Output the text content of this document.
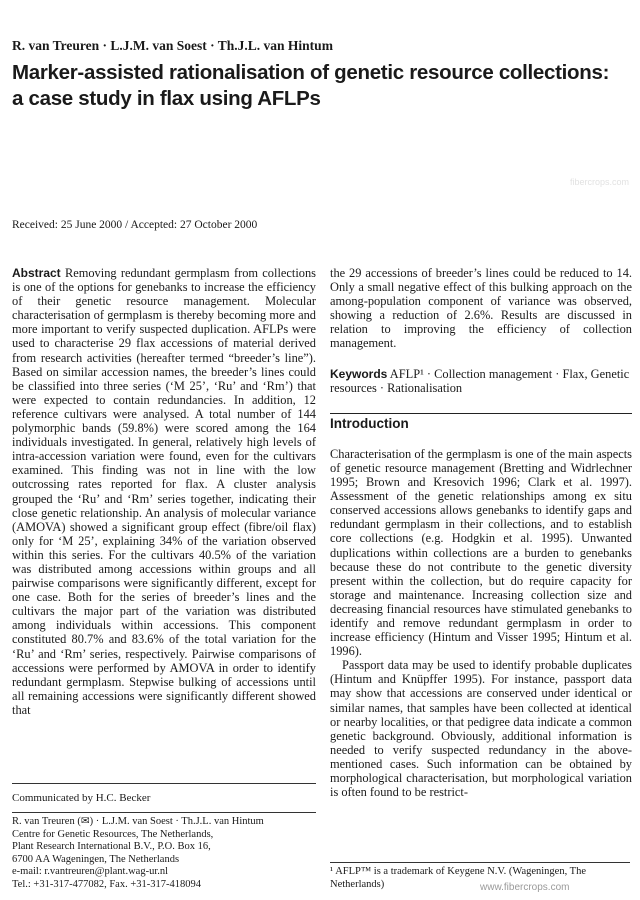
R. van Treuren · L.J.M. van Soest · Th.J.L. van Hintum
Marker-assisted rationalisation of genetic resource collections:
a case study in flax using AFLPs
Received: 25 June 2000 / Accepted: 27 October 2000
fibercrops.com

Abstract Removing redundant germplasm from collections is one of the options for genebanks to increase the efficiency of their genetic resource management. Molecular characterisation of germplasm is thereby becoming more and more important to verify suspected duplication. AFLPs were used to characterise 29 flax accessions of material derived from research activities (hereafter termed “breeder’s line”). Based on similar accession names, the breeder’s lines could be classified into three series (‘M 25’, ‘Ru’ and ‘Rm’) that were expected to contain redundancies. In addition, 12 reference cultivars were analysed. A total number of 144 polymorphic bands (59.8%) were scored among the 164 individuals investigated. In general, relatively high levels of intra-accession variation were found, even for the cultivars examined. This finding was not in line with the low outcrossing rates reported for flax. A cluster analysis grouped the ‘Ru’ and ‘Rm’ series together, indicating their close genetic relationship. An analysis of molecular variance (AMOVA) showed a significant group effect (fibre/oil flax) only for ‘M 25’, explaining 34% of the variation observed within this series. For the cultivars 40.5% of the variation was distributed among accessions within groups and all pairwise comparisons were significantly different, except for one case. Both for the series of breeder’s lines and the cultivars the major part of the variation was distributed among individuals within accessions. This component constituted 80.7% and 83.6% of the total variation for the ‘Ru’ and ‘Rm’ series, respectively. Pairwise comparisons of accessions were performed by AMOVA in order to identify redundant germplasm. Stepwise bulking of accessions until all remaining accessions were significantly different showed that

the 29 accessions of breeder’s lines could be reduced to 14. Only a small negative effect of this bulking approach on the among-population component of variance was observed, showing a reduction of 2.6%. Results are discussed in relation to improving the efficiency of collection management.

Keywords AFLP¹ · Collection management · Flax, Genetic resources · Rationalisation

Introduction

Characterisation of the germplasm is one of the main aspects of genetic resource management (Bretting and Widrlechner 1995; Brown and Kresovich 1996; Clark et al. 1997). Assessment of the genetic relationships among ex situ conserved accessions allows genebanks to identify gaps and redundant germplasm in their collections, and to establish core collections (e.g. Hodgkin et al. 1995). Unwanted duplications within collections are a burden to genebanks because these do not contribute to the genetic diversity present within the collection, but do require capacity for storage and maintenance. Increasing collection size and decreasing financial resources have stimulated genebanks to identify and remove redundant germplasm in order to increase efficiency (Hintum and Visser 1995; Hintum et al. 1996).

Passport data may be used to identify probable duplicates (Hintum and Knüpffer 1995). For instance, passport data may show that accessions are conserved under identical or similar names, that samples have been collected at identical or nearby localities, or that pedigree data indicate a common genetic background. Obviously, additional information is needed to verify suspected redundancy in the above-mentioned cases. Such information can be obtained by morphological characterisation, but morphological variation is often found to be restrict-

Communicated by H.C. Becker
R. van Treuren (✉) · L.J.M. van Soest · Th.J.L. van Hintum
Centre for Genetic Resources, The Netherlands,
Plant Research International B.V., P.O. Box 16,
6700 AA Wageningen, The Netherlands
e-mail: r.vantreuren@plant.wag-ur.nl
Tel.: +31-317-477082, Fax. +31-317-418094
¹ AFLP™ is a trademark of Keygene N.V. (Wageningen, The Netherlands)	www.fibercrops.com
